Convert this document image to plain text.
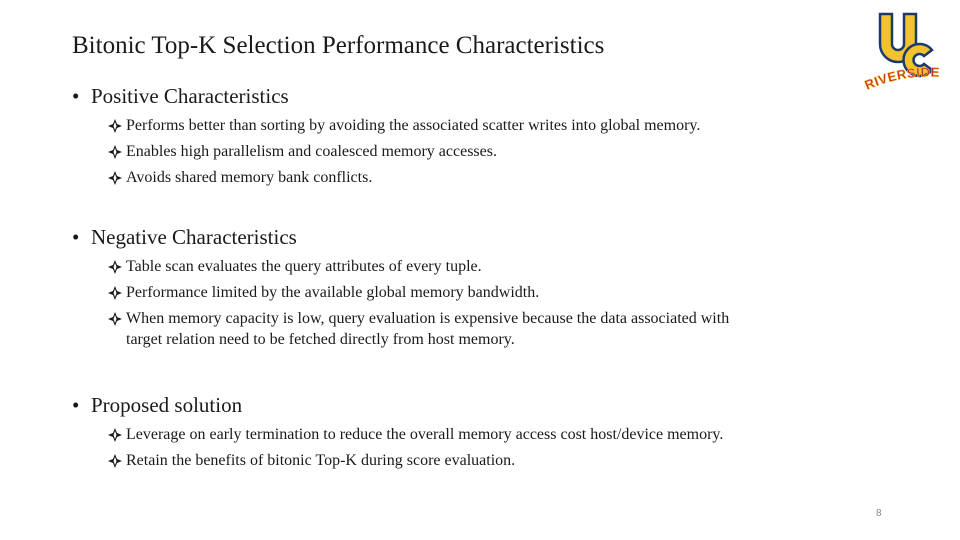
Bitonic Top-K Selection Performance Characteristics
RIVERSIDE
• Positive Characteristics
Performs better than sorting by avoiding the associated scatter writes into global memory.
Enables high parallelism and coalesced memory accesses.
Avoids shared memory bank conflicts.
• Negative Characteristics
Table scan evaluates the query attributes of every tuple.
Performance limited by the available global memory bandwidth.
When memory capacity is low, query evaluation is expensive because the data associated with
target relation need to be fetched directly from host memory.
• Proposed solution
Leverage on early termination to reduce the overall memory access cost host/device memory.
Retain the benefits of bitonic Top-K during score evaluation.
8
